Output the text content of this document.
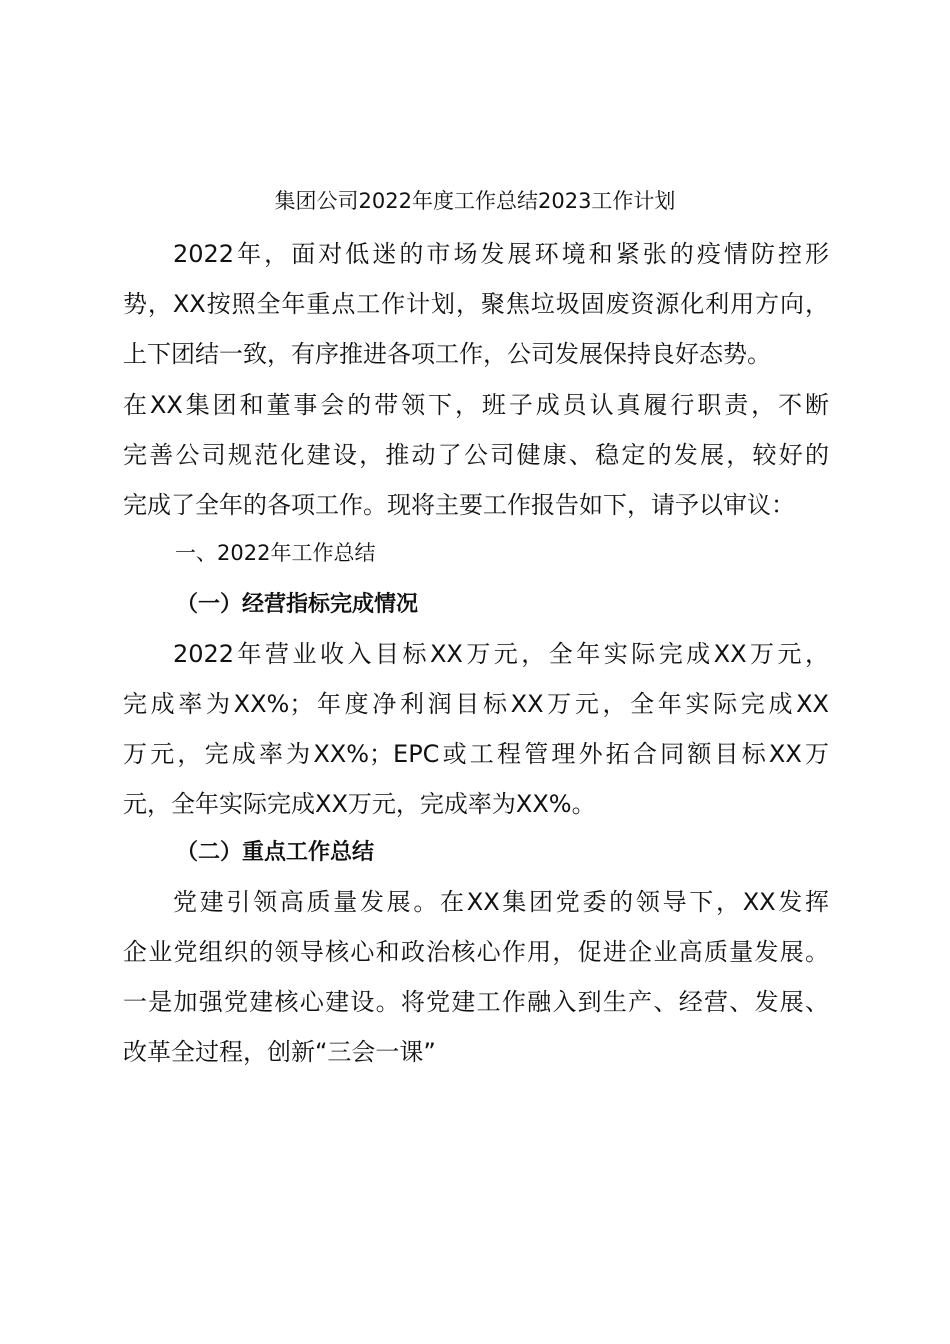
集团公司2022年度工作总结2023工作计划

2022年，面对低迷的市场发展环境和紧张的疫情防控形

势，XX按照全年重点工作计划，聚焦垃圾固废资源化利用方向，

上下团结一致，有序推进各项工作，公司发展保持良好态势。

在XX集团和董事会的带领下，班子成员认真履行职责，不断

完善公司规范化建设，推动了公司健康、稳定的发展，较好的

完成了全年的各项工作。现将主要工作报告如下，请予以审议：

一、2022年工作总结
（一）经营指标完成情况

2022年营业收入目标XX万元，全年实际完成XX万元，

完成率为XX%；年度净利润目标XX万元，全年实际完成XX

万元，完成率为XX%；EPC或工程管理外拓合同额目标XX万

元，全年实际完成XX万元，完成率为XX%。

（二）重点工作总结

党建引领高质量发展。在XX集团党委的领导下，XX发挥

企业党组织的领导核心和政治核心作用，促进企业高质量发展。

一是加强党建核心建设。将党建工作融入到生产、经营、发展、

改革全过程，创新“三会一课”
